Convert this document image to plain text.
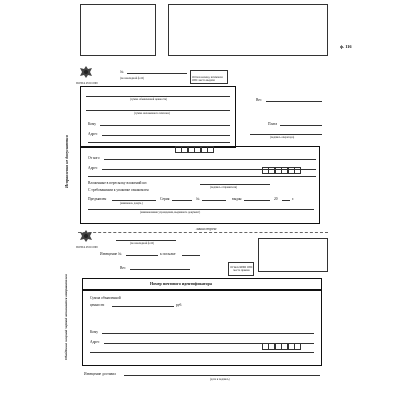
ф. 116
ПОЧТА РОССИИ
№
(по накладной ф.16)	Оттиск календ. штемпеля ОПС места выдачи
Исправления не допускаются
Обведённое жирной чертой заполняется отправителем
(сумма объявленной ценности)
(сумма наложенного платежа)
Вес
Плата
(подпись оператора)
Кому
Адрес
От кого
Адрес
Вложенные в пересылку вложений шт.
(подпись отправителя)
С требованиями к упаковке ознакомлен
Предъявлен
(наименов. докум.)
Серия	№	выдан	20	г.
(наименование учреждения, выдавшего документ)
линия отреза
ПОЧТА РОССИИ
(по накладной ф.16)
Извещение №	к посылке
Вес	Оттиск КПШ ОПС места приема
Номер почтового идентификатора
Сумма объявленной
ценности	руб.
Кому
Адрес
Извещение доставил
(дата и подпись)
